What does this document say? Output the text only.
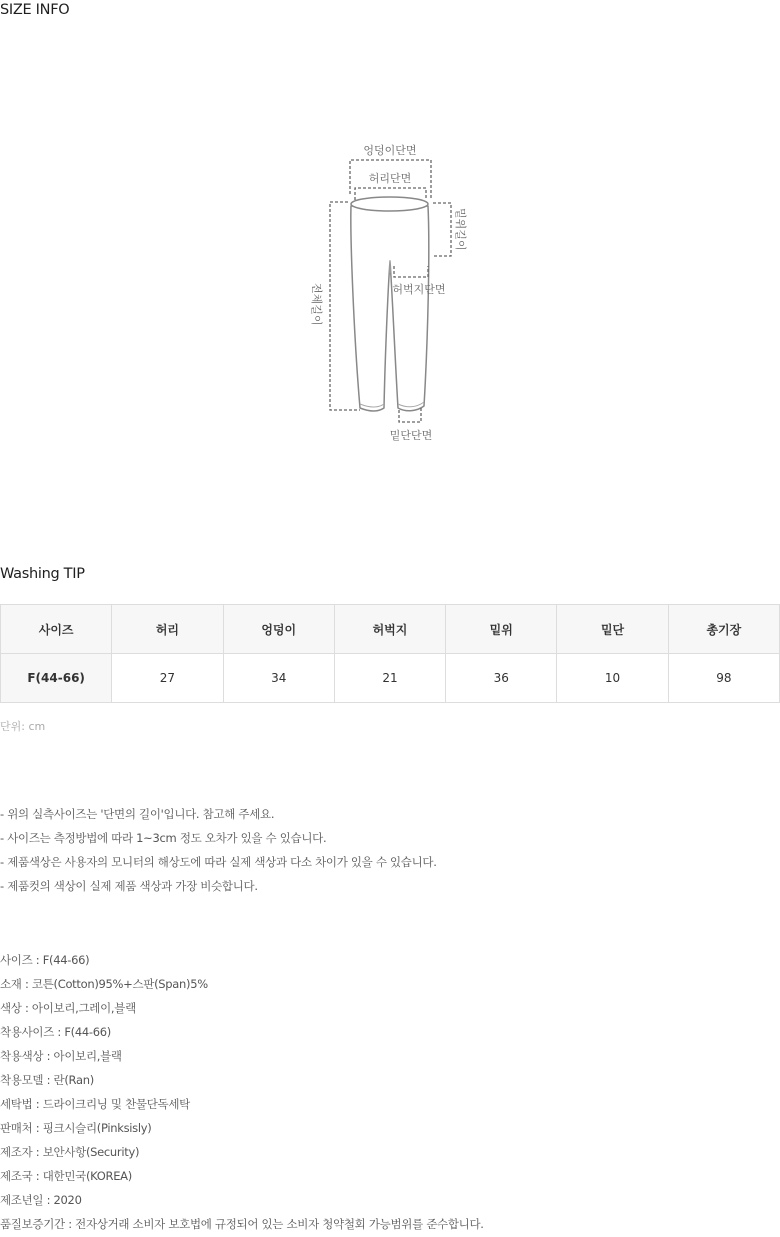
SIZE INFO
엉덩이단면
허리단면
밑위길이
전체길이	허벅지단면
밑단단면
Washing TIP
사이즈	허리	엉덩이	허벅지	밑위	밑단	총기장
F(44-66)	27	34	21	36	10	98
단위: cm
- 위의 실측사이즈는 '단면의 길이'입니다. 참고해 주세요.
- 사이즈는 측정방법에 따라 1~3cm 정도 오차가 있을 수 있습니다.
- 제품색상은 사용자의 모니터의 해상도에 따라 실제 색상과 다소 차이가 있을 수 있습니다.
- 제품컷의 색상이 실제 제품 색상과 가장 비슷합니다.
사이즈 : F(44-66)
소재 : 코튼(Cotton)95%+스판(Span)5%
색상 : 아이보리,그레이,블랙
착용사이즈 : F(44-66)
착용색상 : 아이보리,블랙
착용모델 : 란(Ran)
세탁법 : 드라이크리닝 및 찬물단독세탁
판매처 : 핑크시슬리(Pinksisly)
제조자 : 보안사항(Security)
제조국 : 대한민국(KOREA)
제조년일 : 2020
품질보증기간 : 전자상거래 소비자 보호법에 규정되어 있는 소비자 청약철회 가능범위를 준수합니다.
